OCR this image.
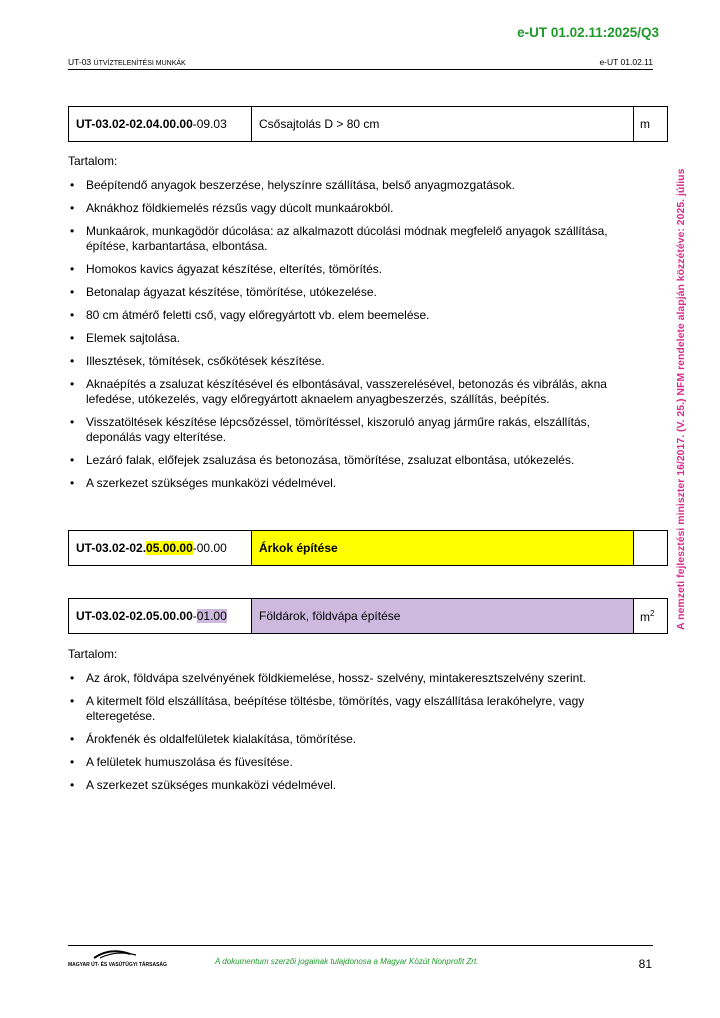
e-UT 01.02.11:2025/Q3
UT-03 ÚTVÍZTELENÍTÉSI MUNKÁK	e-UT 01.02.11
A nemzeti fejlesztési miniszter 16/2017. (V. 25.) NFM rendelete alapján közzétéve: 2025. július
UT-03.02-02.04.00.00-09.03	Csősajtolás D > 80 cm	m
Tartalom:
• Beépítendő anyagok beszerzése, helyszínre szállítása, belső anyagmozgatások.
• Aknákhoz földkiemelés rézsűs vagy dúcolt munkaárokból.
• Munkaárok, munkagödör dúcolása: az alkalmazott dúcolási módnak megfelelő anyagok szállítása, építése, karbantartása, elbontása.
• Homokos kavics ágyazat készítése, elterítés, tömörítés.
• Betonalap ágyazat készítése, tömörítése, utókezelése.
• 80 cm átmérő feletti cső, vagy előregyártott vb. elem beemelése.
• Elemek sajtolása.
• Illesztések, tömítések, csőkötések készítése.
• Aknaépítés a zsaluzat készítésével és elbontásával, vasszerelésével, betonozás és vibrálás, akna lefedése, utókezelés, vagy előregyártott aknaelem anyagbeszerzés, szállítás, beépítés.
• Visszatöltések készítése lépcsőzéssel, tömörítéssel, kiszoruló anyag járműre rakás, elszállítás, deponálás vagy elterítése.
• Lezáró falak, előfejek zsaluzása és betonozása, tömörítése, zsaluzat elbontása, utókezelés.
• A szerkezet szükséges munkaközi védelmével.
UT-03.02-02.05.00.00-00.00	Árkok építése	
UT-03.02-02.05.00.00-01.00	Földárok, földvápa építése	$m^2$
Tartalom:
• Az árok, földvápa szelvényének földkiemelése, hossz- szelvény, mintakeresztszelvény szerint.
• A kitermelt föld elszállítása, beépítése töltésbe, tömörítés, vagy elszállítása lerakóhelyre, vagy elteregetése.
• Árokfenék és oldalfelületek kialakítása, tömörítése.
• A felületek humuszolása és füvesítése.
• A szerkezet szükséges munkaközi védelmével.
MAGYAR ÚT- ÉS VASÚTÜGYI TÁRSASÁG	A dokumentum szerzői jogainak tulajdonosa a Magyar Közút Nonprofit Zrt.	81
